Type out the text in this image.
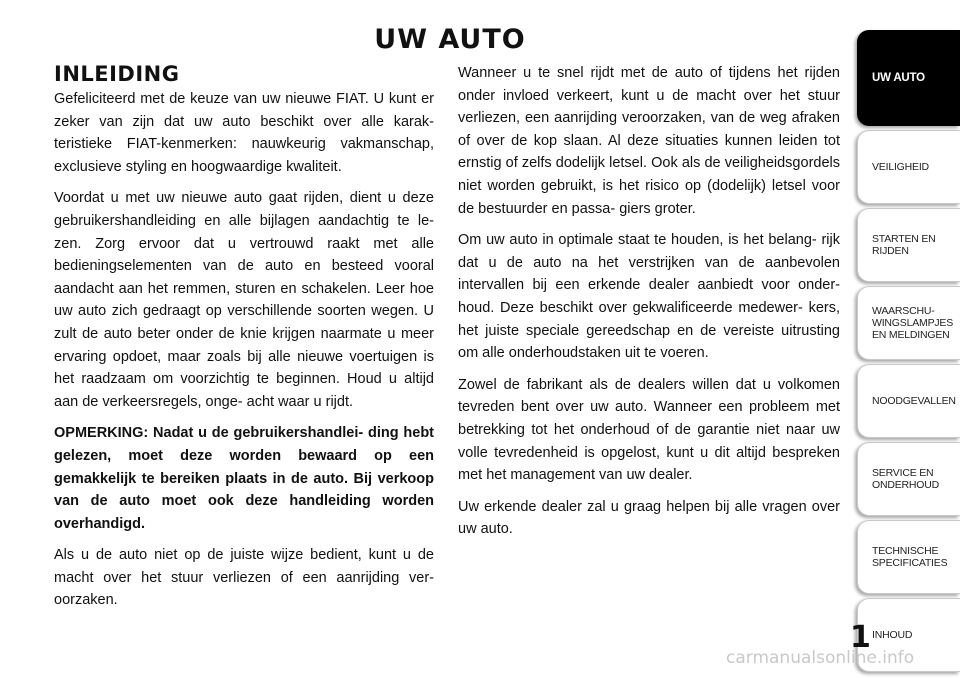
UW AUTO
INLEIDING

Gefeliciteerd met de keuze van uw nieuwe FIAT. U kunt er zeker van zijn dat uw auto beschikt over alle karak- teristieke FIAT-kenmerken: nauwkeurig vakmanschap, exclusieve styling en hoogwaardige kwaliteit.

Voordat u met uw nieuwe auto gaat rijden, dient u deze gebruikershandleiding en alle bijlagen aandachtig te le- zen. Zorg ervoor dat u vertrouwd raakt met alle bedieningselementen van de auto en besteed vooral aandacht aan het remmen, sturen en schakelen. Leer hoe uw auto zich gedraagt op verschillende soorten wegen. U zult de auto beter onder de knie krijgen naarmate u meer ervaring opdoet, maar zoals bij alle nieuwe voertuigen is het raadzaam om voorzichtig te beginnen. Houd u altijd aan de verkeersregels, onge- acht waar u rijdt.

OPMERKING: Nadat u de gebruikershandlei- ding hebt gelezen, moet deze worden bewaard op een gemakkelijk te bereiken plaats in de auto. Bij verkoop van de auto moet ook deze handleiding worden overhandigd.

Als u de auto niet op de juiste wijze bedient, kunt u de macht over het stuur verliezen of een aanrijding ver- oorzaken.

Wanneer u te snel rijdt met de auto of tijdens het rijden onder invloed verkeert, kunt u de macht over het stuur verliezen, een aanrijding veroorzaken, van de weg afraken of over de kop slaan. Al deze situaties kunnen leiden tot ernstig of zelfs dodelijk letsel. Ook als de veiligheidsgordels niet worden gebruikt, is het risico op (dodelijk) letsel voor de bestuurder en passa- giers groter.

Om uw auto in optimale staat te houden, is het belang- rijk dat u de auto na het verstrijken van de aanbevolen intervallen bij een erkende dealer aanbiedt voor onder- houd. Deze beschikt over gekwalificeerde medewer- kers, het juiste speciale gereedschap en de vereiste uitrusting om alle onderhoudstaken uit te voeren.

Zowel de fabrikant als de dealers willen dat u volkomen tevreden bent over uw auto. Wanneer een probleem met betrekking tot het onderhoud of de garantie niet naar uw volle tevredenheid is opgelost, kunt u dit altijd bespreken met het management van uw dealer.

Uw erkende dealer zal u graag helpen bij alle vragen over uw auto.

UW AUTO
VEILIGHEID
STARTEN EN
RIJDEN
WAARSCHU-
WINGSLAMPJES
EN MELDINGEN
NOODGEVALLEN
SERVICE EN
ONDERHOUD
TECHNISCHE
SPECIFICATIES
INHOUD
1
carmanualsonline.info
